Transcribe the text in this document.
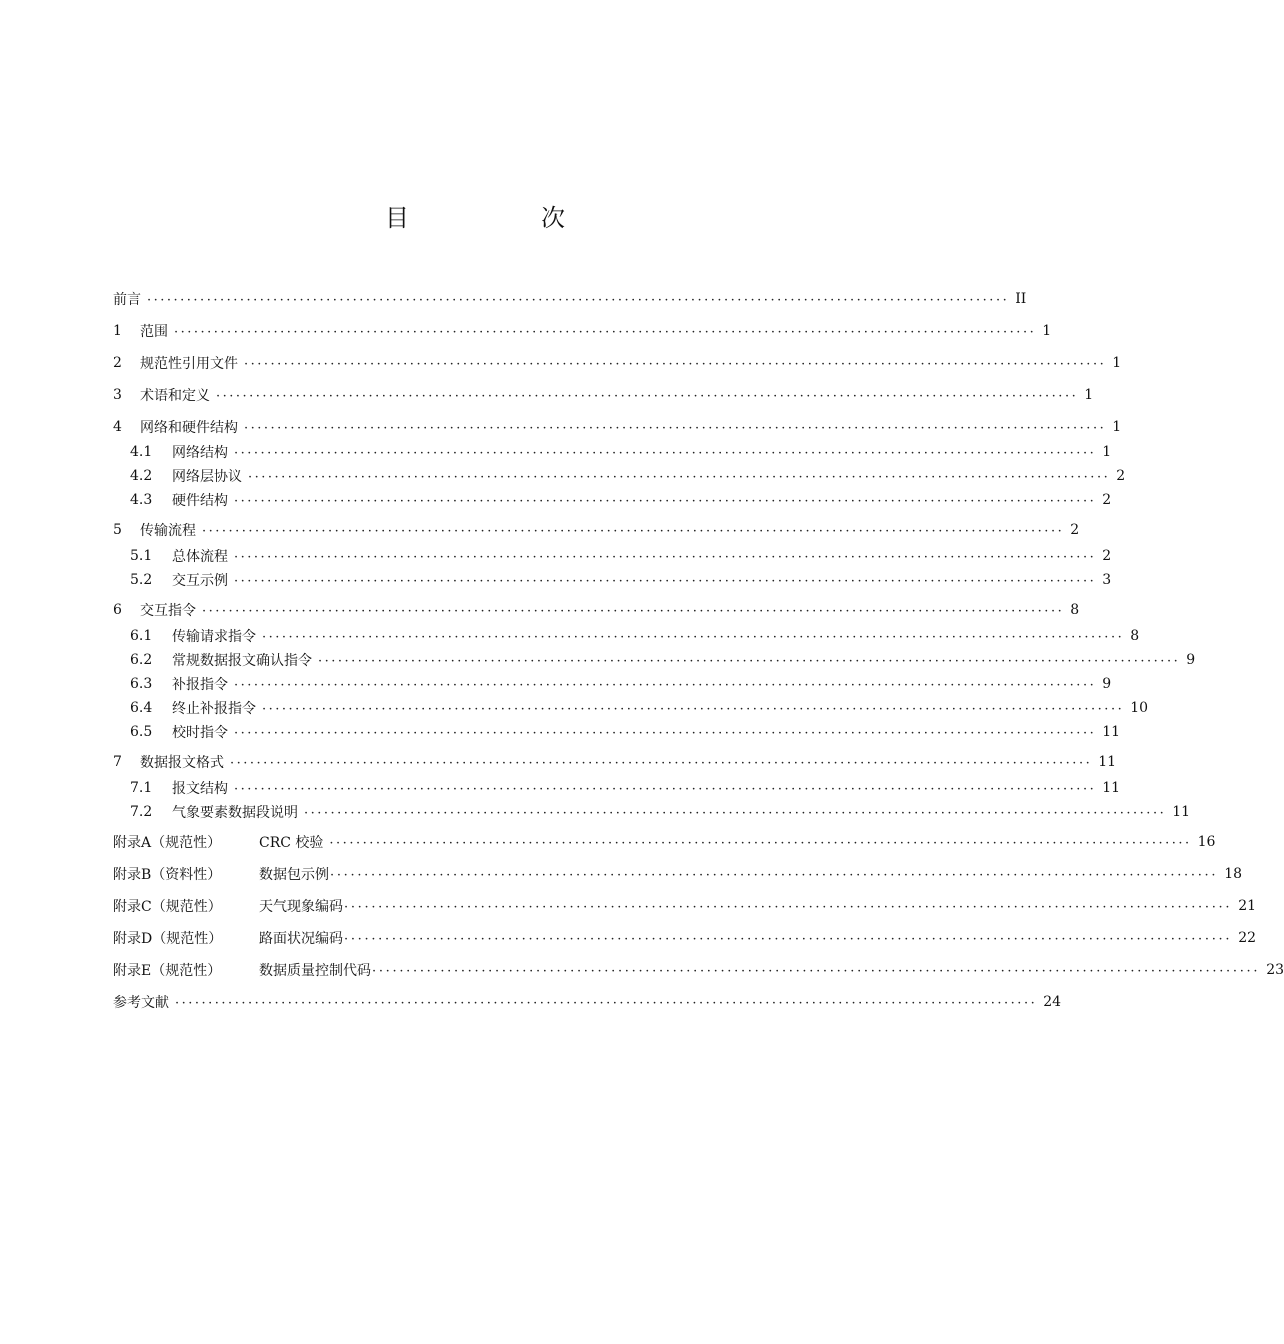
目　次
前言 ·································································································································· II
1	范围 ·································································································································· 1
2	规范性引用文件 ·································································································································· 1
3	术语和定义 ·································································································································· 1
4	网络和硬件结构 ·································································································································· 1
4.1	网络结构 ·································································································································· 1
4.2	网络层协议 ·································································································································· 2
4.3	硬件结构 ·································································································································· 2
5	传输流程 ·································································································································· 2
5.1	总体流程 ·································································································································· 2
5.2	交互示例 ·································································································································· 3
6	交互指令 ·································································································································· 8
6.1	传输请求指令 ·································································································································· 8
6.2	常规数据报文确认指令 ·································································································································· 9
6.3	补报指令 ·································································································································· 9
6.4	终止补报指令 ·································································································································· 10
6.5	校时指令 ·································································································································· 11
7	数据报文格式 ·································································································································· 11
7.1	报文结构 ·································································································································· 11
7.2	气象要素数据段说明 ·································································································································· 11
附录A（规范性）	CRC 校验 ·································································································································· 16
附录B（资料性）	数据包示例 ·································································································································· 18
附录C（规范性）	天气现象编码 ·································································································································· 21
附录D（规范性）	路面状况编码 ·································································································································· 22
附录E（规范性）	数据质量控制代码 ·································································································································· 23
参考文献 ·································································································································· 24
